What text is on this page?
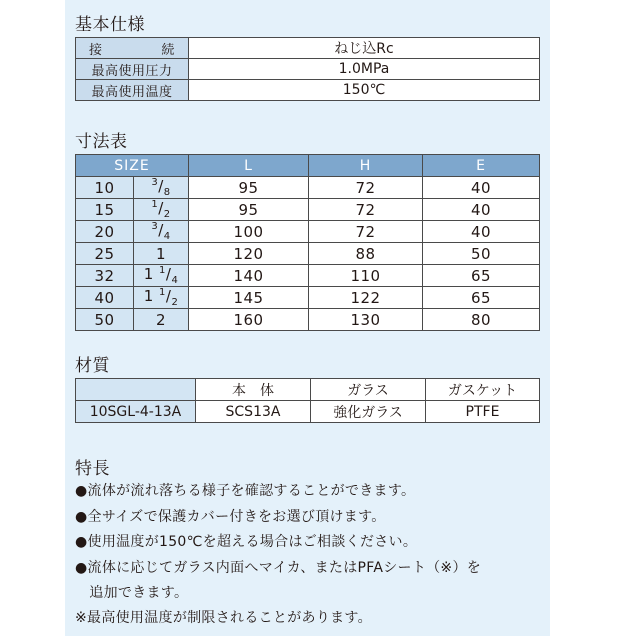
基本仕様
接　　続	ねじ込Rc
最高使用圧力	1.0MPa
最高使用温度	150℃
寸法表
SIZE		L	H	E
10	$^3/_8$	95	72	40
15	$^1/_2$	95	72	40
20	$^3/_4$	100	72	40
25	1	120	88	50
32	1 $^1/_4$	140	110	65
40	1 $^1/_2$	145	122	65
50	2	160	130	80
材質
	本　体	ガラス	ガスケット
10SGL-4-13A	SCS13A	強化ガラス	PTFE
特長
●流体が流れ落ちる様子を確認することができます。
●全サイズで保護カバー付きをお選び頂けます。
●使用温度が150℃を超える場合はご相談ください。
●流体に応じてガラス内面へマイカ、またはPFAシート（※）を
　追加できます。
※最高使用温度が制限されることがあります。
